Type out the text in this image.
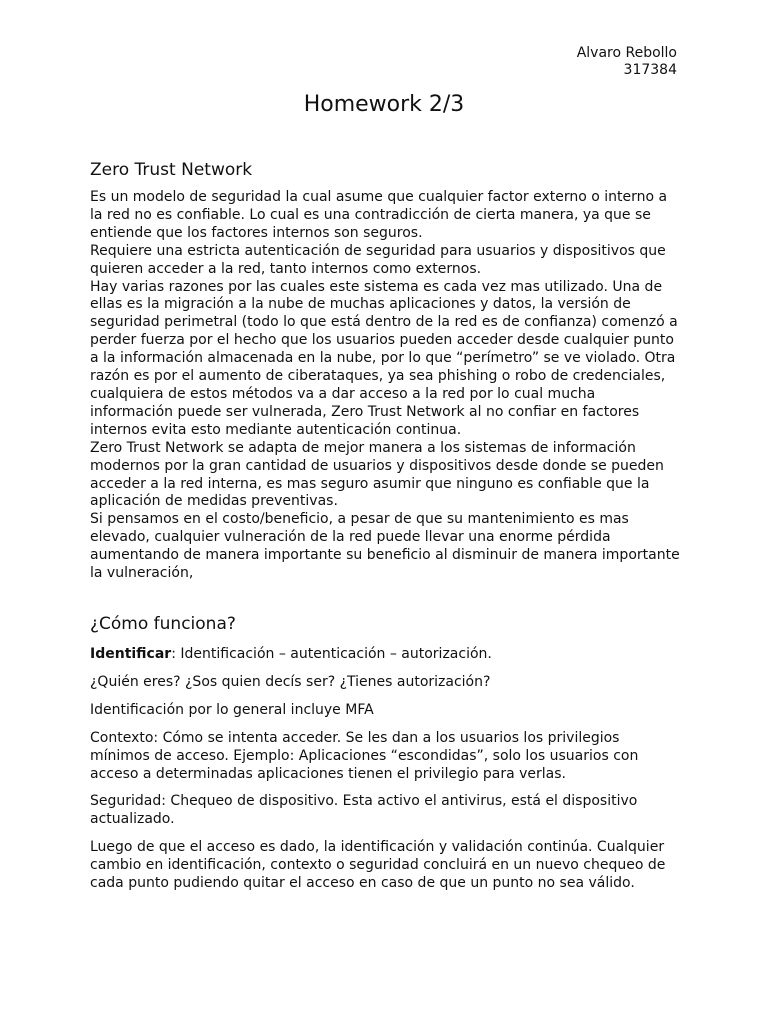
Alvaro Rebollo
317384
Homework 2/3
Zero Trust Network
Es un modelo de seguridad la cual asume que cualquier factor externo o interno a la red no es confiable. Lo cual es una contradicción de cierta manera, ya que se entiende que los factores internos son seguros.
Requiere una estricta autenticación de seguridad para usuarios y dispositivos que quieren acceder a la red, tanto internos como externos.
Hay varias razones por las cuales este sistema es cada vez mas utilizado. Una de ellas es la migración a la nube de muchas aplicaciones y datos, la versión de seguridad perimetral (todo lo que está dentro de la red es de confianza) comenzó a perder fuerza por el hecho que los usuarios pueden acceder desde cualquier punto a la información almacenada en la nube, por lo que “perímetro” se ve violado. Otra razón es por el aumento de ciberataques, ya sea phishing o robo de credenciales, cualquiera de estos métodos va a dar acceso a la red por lo cual mucha información puede ser vulnerada, Zero Trust Network al no confiar en factores internos evita esto mediante autenticación continua.
Zero Trust Network se adapta de mejor manera a los sistemas de información modernos por la gran cantidad de usuarios y dispositivos desde donde se pueden acceder a la red interna, es mas seguro asumir que ninguno es confiable que la aplicación de medidas preventivas.
Si pensamos en el costo/beneficio, a pesar de que su mantenimiento es mas elevado, cualquier vulneración de la red puede llevar una enorme pérdida aumentando de manera importante su beneficio al disminuir de manera importante la vulneración,
¿Cómo funciona?

Identificar: Identificación – autenticación – autorización.

¿Quién eres? ¿Sos quien decís ser? ¿Tienes autorización?

Identificación por lo general incluye MFA

Contexto: Cómo se intenta acceder. Se les dan a los usuarios los privilegios mínimos de acceso. Ejemplo: Aplicaciones “escondidas”, solo los usuarios con acceso a determinadas aplicaciones tienen el privilegio para verlas.

Seguridad: Chequeo de dispositivo. Esta activo el antivirus, está el dispositivo actualizado.

Luego de que el acceso es dado, la identificación y validación continúa. Cualquier cambio en identificación, contexto o seguridad concluirá en un nuevo chequeo de cada punto pudiendo quitar el acceso en caso de que un punto no sea válido.
